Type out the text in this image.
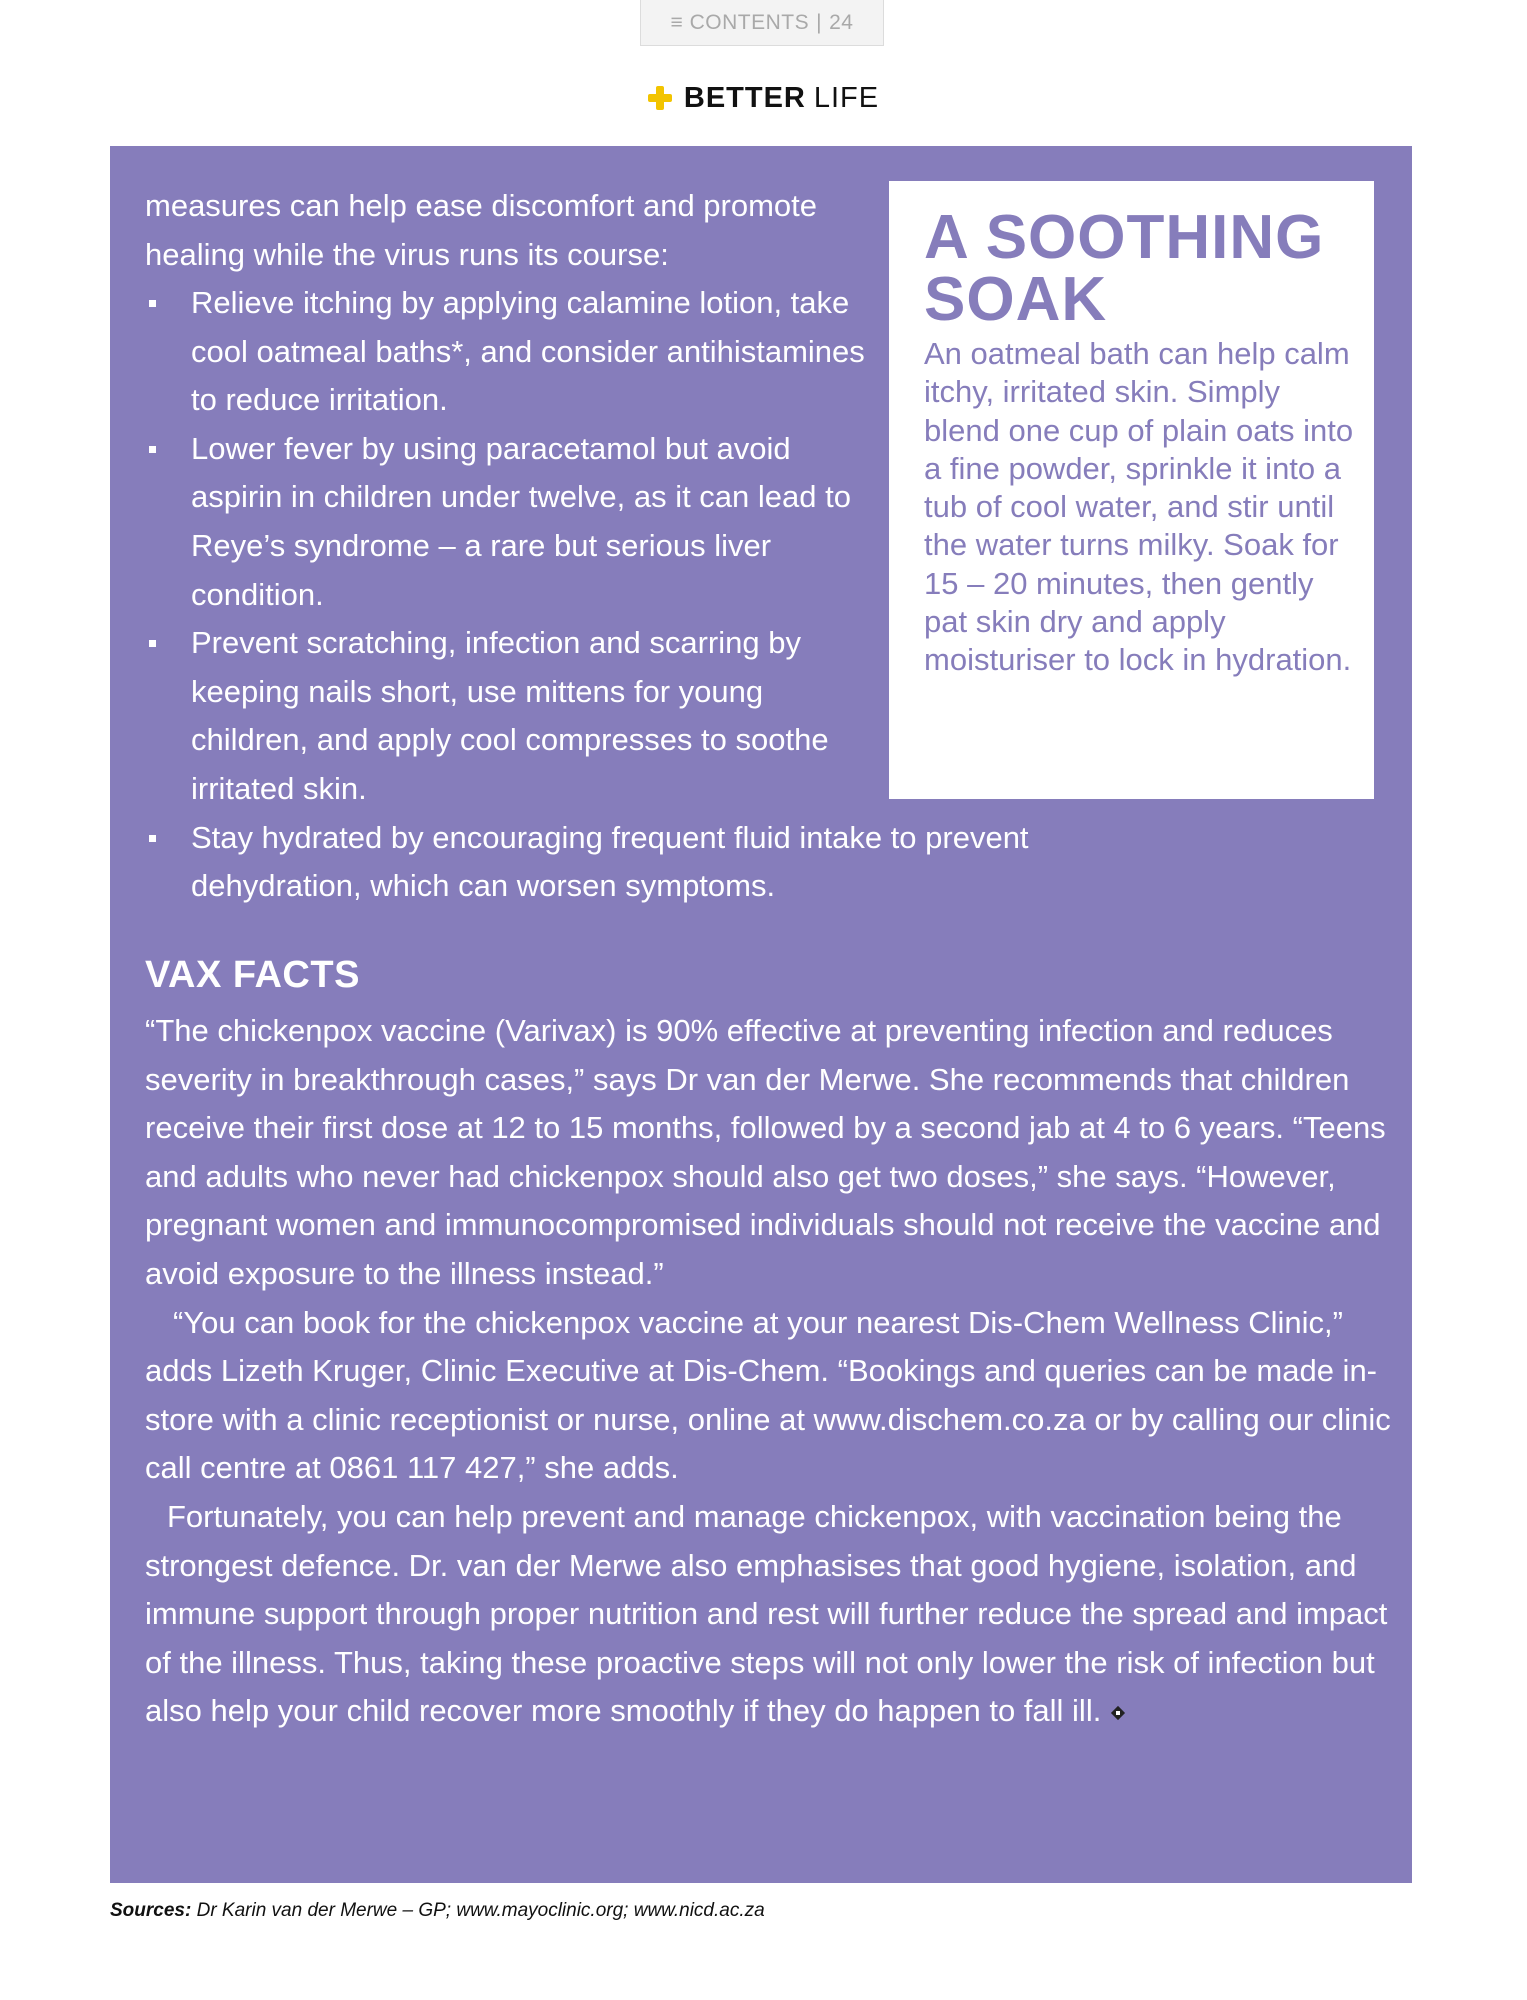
≡ CONTENTS | 24
BETTER LIFE

measures can help ease discomfort and promote healing while the virus runs its course:

Relieve itching by applying calamine lotion, take cool oatmeal baths*, and consider antihistamines to reduce irritation.
Lower fever by using paracetamol but avoid aspirin in children under twelve, as it can lead to Reye’s syndrome – a rare but serious liver condition.
Prevent scratching, infection and scarring by keeping nails short, use mittens for young children, and apply cool compresses to soothe irritated skin.
Stay hydrated by encouraging frequent fluid intake to prevent dehydration, which can worsen symptoms.
A SOOTHING SOAK

An oatmeal bath can help calm itchy, irritated skin. Simply blend one cup of plain oats into a fine powder, sprinkle it into a tub of cool water, and stir until the water turns milky. Soak for 15 – 20 minutes, then gently pat skin dry and apply moisturiser to lock in hydration.

VAX FACTS

“The chickenpox vaccine (Varivax) is 90% effective at preventing infection and reduces severity in breakthrough cases,” says Dr van der Merwe. She recommends that children receive their first dose at 12 to 15 months, followed by a second jab at 4 to 6 years. “Teens and adults who never had chickenpox should also get two doses,” she says. “However, pregnant women and immunocompromised individuals should not receive the vaccine and avoid exposure to the illness instead.”

“You can book for the chickenpox vaccine at your nearest Dis-Chem Wellness Clinic,” adds Lizeth Kruger, Clinic Executive at Dis-Chem. “Bookings and queries can be made in-store with a clinic receptionist or nurse, online at www.dischem.co.za or by calling our clinic call centre at 0861 117 427,” she adds.

Fortunately, you can help prevent and manage chickenpox, with vaccination being the strongest defence. Dr. van der Merwe also emphasises that good hygiene, isolation, and immune support through proper nutrition and rest will further reduce the spread and impact of the illness. Thus, taking these proactive steps will not only lower the risk of infection but also help your child recover more smoothly if they do happen to fall ill.

Sources: Dr Karin van der Merwe – GP; www.mayoclinic.org; www.nicd.ac.za
